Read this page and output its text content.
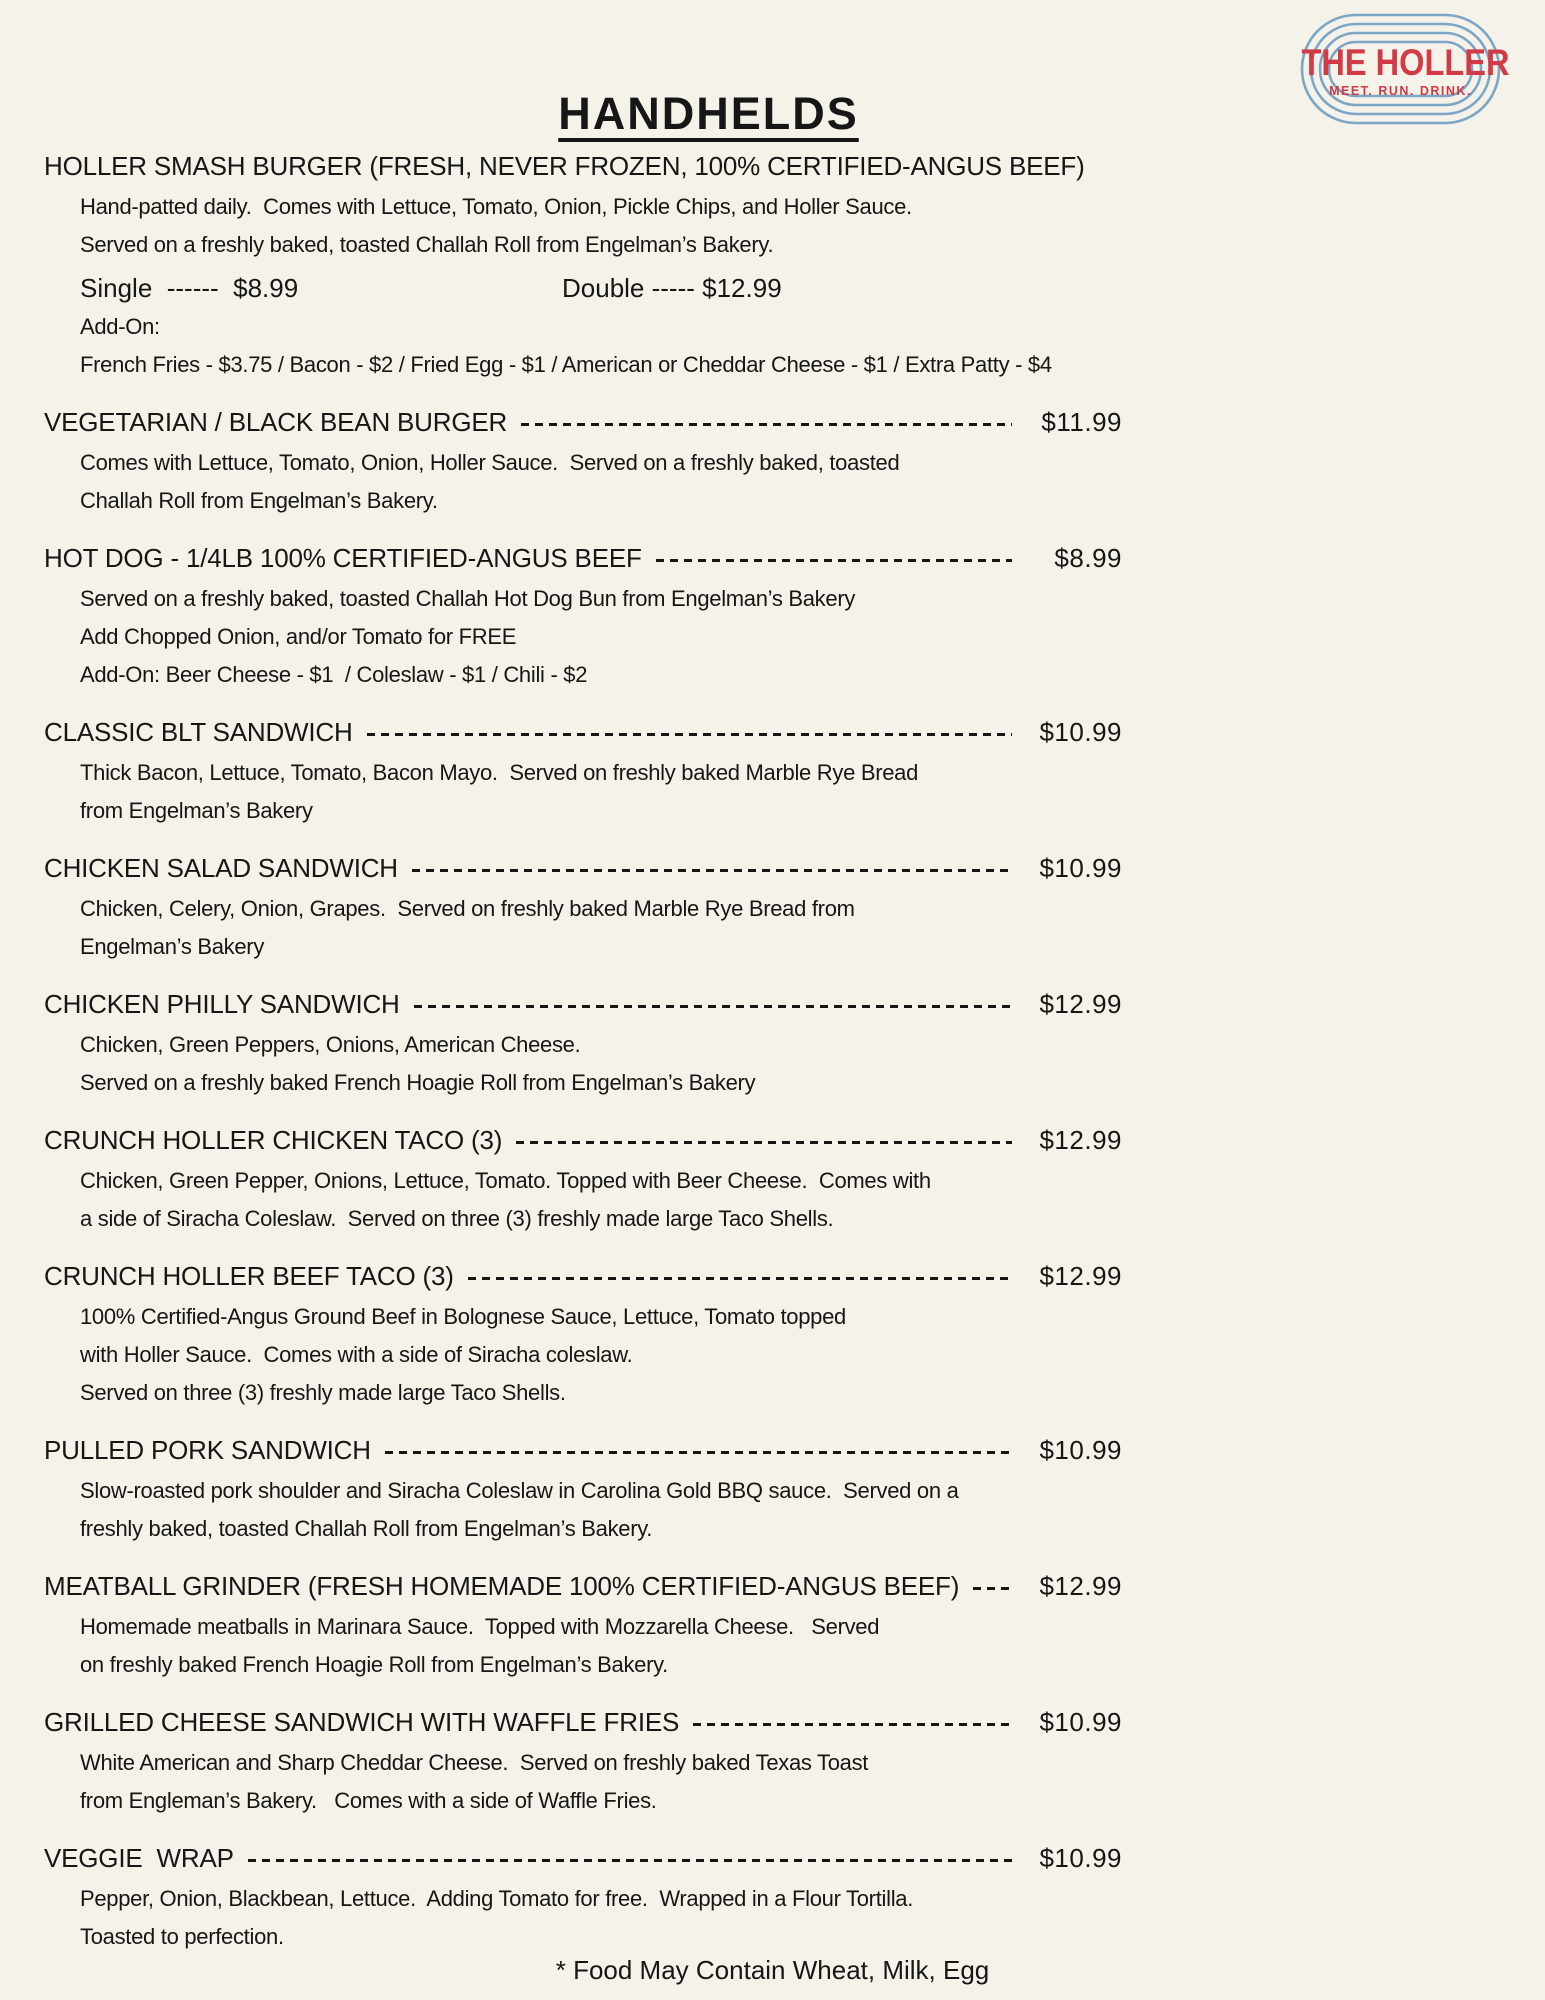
HANDHELDS
THE HOLLER
MEET. RUN. DRINK.
HOLLER SMASH BURGER (FRESH, NEVER FROZEN, 100% CERTIFIED-ANGUS BEEF)
Hand-patted daily.  Comes with Lettuce, Tomato, Onion, Pickle Chips, and Holler Sauce.
Served on a freshly baked, toasted Challah Roll from Engelman’s Bakery.
Single  ------  $8.99	Double ----- $12.99
Add-On:
French Fries - $3.75 / Bacon - $2 / Fried Egg - $1 / American or Cheddar Cheese - $1 / Extra Patty - $4
VEGETARIAN / BLACK BEAN BURGER	$11.99
Comes with Lettuce, Tomato, Onion, Holler Sauce.  Served on a freshly baked, toasted
Challah Roll from Engelman’s Bakery.
HOT DOG - 1/4LB 100% CERTIFIED-ANGUS BEEF	$8.99
Served on a freshly baked, toasted Challah Hot Dog Bun from Engelman’s Bakery
Add Chopped Onion, and/or Tomato for FREE
Add-On: Beer Cheese - $1  / Coleslaw - $1 / Chili - $2
CLASSIC BLT SANDWICH	$10.99
Thick Bacon, Lettuce, Tomato, Bacon Mayo.  Served on freshly baked Marble Rye Bread
from Engelman’s Bakery
CHICKEN SALAD SANDWICH	$10.99
Chicken, Celery, Onion, Grapes.  Served on freshly baked Marble Rye Bread from
Engelman’s Bakery
CHICKEN PHILLY SANDWICH	$12.99
Chicken, Green Peppers, Onions, American Cheese.
Served on a freshly baked French Hoagie Roll from Engelman’s Bakery
CRUNCH HOLLER CHICKEN TACO (3)	$12.99
Chicken, Green Pepper, Onions, Lettuce, Tomato. Topped with Beer Cheese.  Comes with
a side of Siracha Coleslaw.  Served on three (3) freshly made large Taco Shells.
CRUNCH HOLLER BEEF TACO (3)	$12.99
100% Certified-Angus Ground Beef in Bolognese Sauce, Lettuce, Tomato topped
with Holler Sauce.  Comes with a side of Siracha coleslaw.
Served on three (3) freshly made large Taco Shells.
PULLED PORK SANDWICH	$10.99
Slow-roasted pork shoulder and Siracha Coleslaw in Carolina Gold BBQ sauce.  Served on a
freshly baked, toasted Challah Roll from Engelman’s Bakery.
MEATBALL GRINDER (FRESH HOMEMADE 100% CERTIFIED-ANGUS BEEF)	$12.99
Homemade meatballs in Marinara Sauce.  Topped with Mozzarella Cheese.   Served
on freshly baked French Hoagie Roll from Engelman’s Bakery.
GRILLED CHEESE SANDWICH WITH WAFFLE FRIES	$10.99
White American and Sharp Cheddar Cheese.  Served on freshly baked Texas Toast
from Engleman’s Bakery.   Comes with a side of Waffle Fries.
VEGGIE  WRAP	$10.99
Pepper, Onion, Blackbean, Lettuce.  Adding Tomato for free.  Wrapped in a Flour Tortilla.
Toasted to perfection.
* Food May Contain Wheat, Milk, Egg
